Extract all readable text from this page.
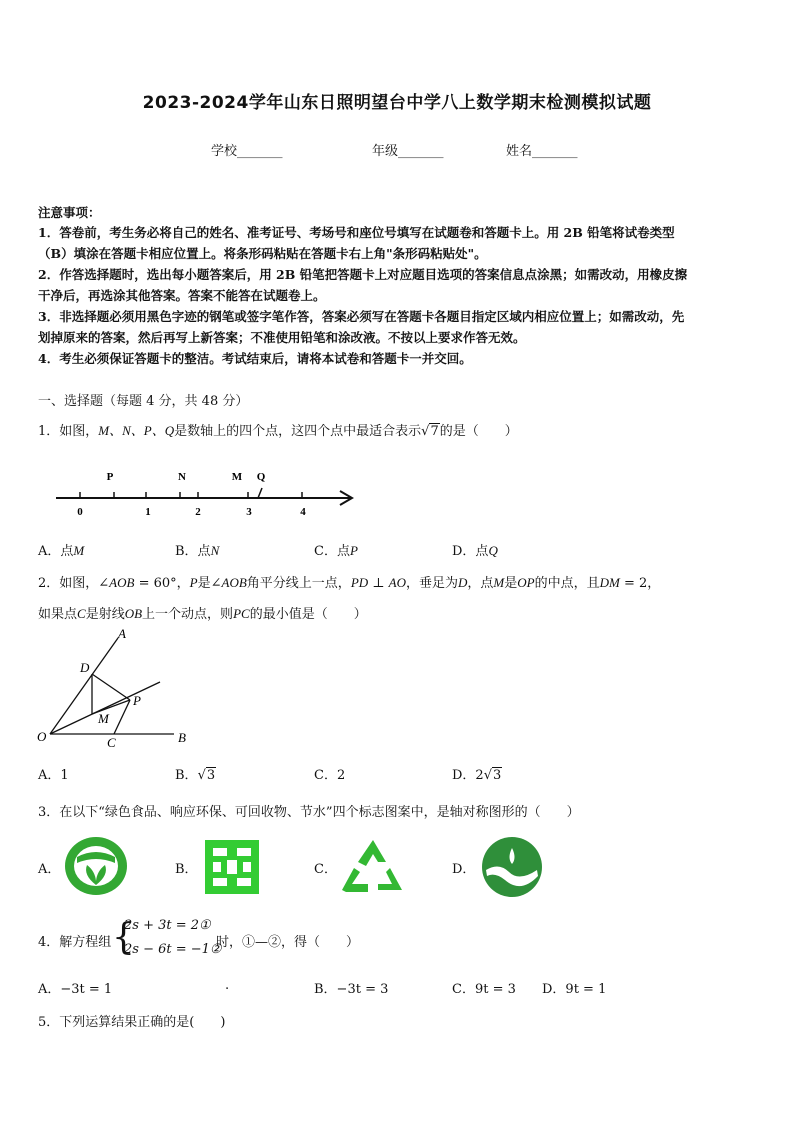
2023-2024学年山东日照明望台中学八上数学期末检测模拟试题
学校_______	年级_______	姓名_______
注意事项：
1．答卷前，考生务必将自己的姓名、准考证号、考场号和座位号填写在试题卷和答题卡上。用 2B 铅笔将试卷类型
（B）填涂在答题卡相应位置上。将条形码粘贴在答题卡右上角"条形码粘贴处"。
2．作答选择题时，选出每小题答案后，用 2B 铅笔把答题卡上对应题目选项的答案信息点涂黑；如需改动，用橡皮擦
干净后，再选涂其他答案。答案不能答在试题卷上。
3．非选择题必须用黑色字迹的钢笔或签字笔作答，答案必须写在答题卡各题目指定区域内相应位置上；如需改动，先
划掉原来的答案，然后再写上新答案；不准使用铅笔和涂改液。不按以上要求作答无效。
4．考生必须保证答题卡的整洁。考试结束后，请将本试卷和答题卡一并交回。
一、选择题（每题 4 分，共 48 分）
1．如图，M、N、P、Q是数轴上的四个点，这四个点中最适合表示√7的是（　　）
0	1	2	3	4
P	N	M Q
A．点M	B．点N	C．点P	D．点Q
2．如图，∠AOB = 60°，P是∠AOB角平分线上一点，PD ⊥ AO，垂足为D，点M是OP的中点，且DM = 2，
如果点C是射线OB上一个动点，则PC的最小值是（　　）
A
D
P
M
O	C	B
A．1	B．√3	C．2	D．2√3
3．在以下“绿色食品、响应环保、可回收物、节水”四个标志图案中，是轴对称图形的（　　）
A．	B．	C．	D．
4．解方程组 {
2s + 3t = 2①
2s − 6t = −1②
时，①—②，得（　　）
A．−3t = 1	.	B．−3t = 3	C．9t = 3 D．9t = 1
5．下列运算结果正确的是(　　)
